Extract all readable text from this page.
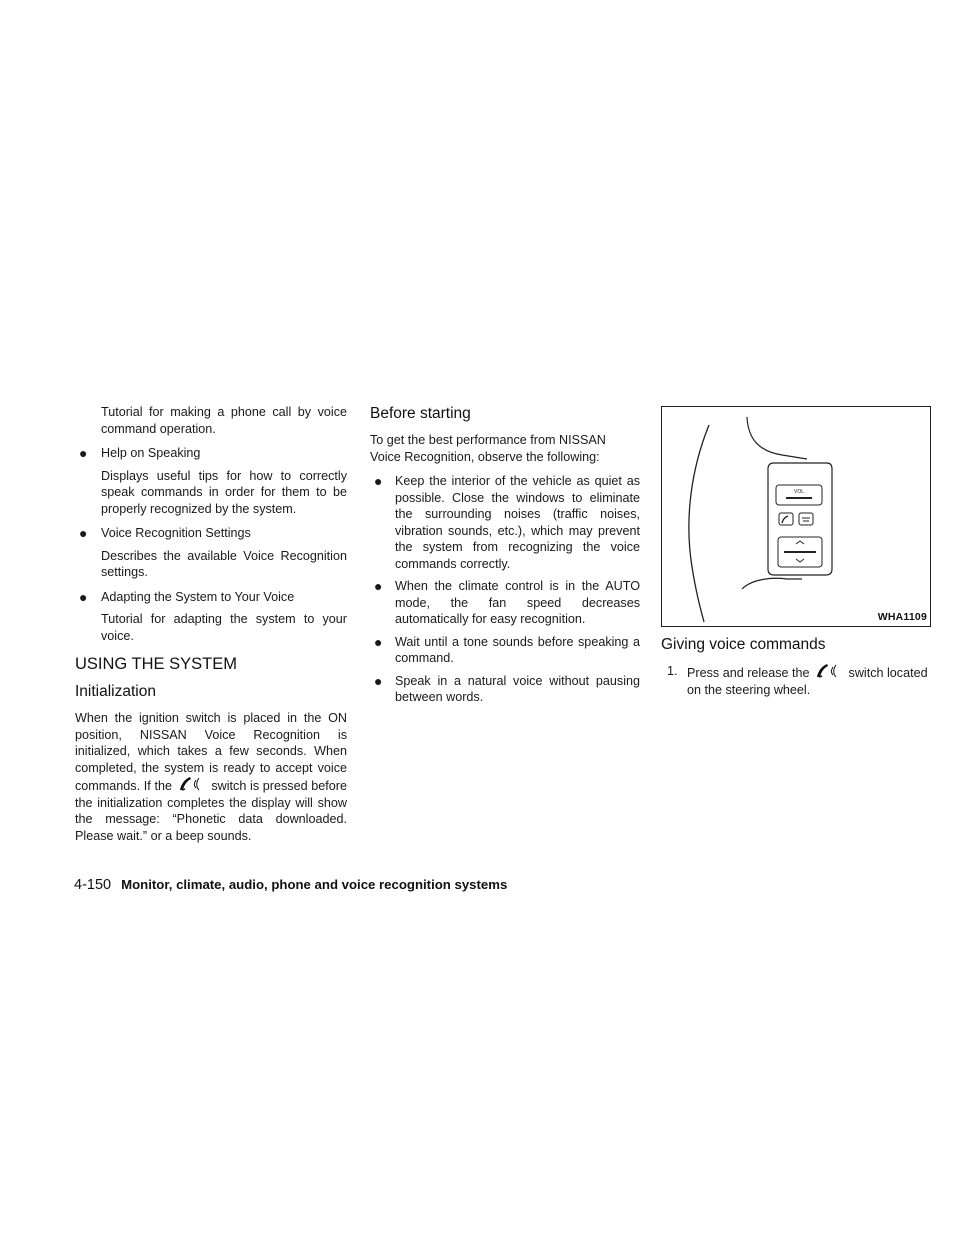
Tutorial for making a phone call by voice command operation.

● Help on Speaking

Displays useful tips for how to correctly speak commands in order for them to be properly recognized by the system.

● Voice Recognition Settings

Describes the available Voice Recognition settings.

● Adapting the System to Your Voice

Tutorial for adapting the system to your voice.

USING THE SYSTEM
Initialization

When the ignition switch is placed in the ON position, NISSAN Voice Recognition is initialized, which takes a few seconds. When completed, the system is ready to accept voice commands. If the	switch is pressed before the initialization completes the display will show the message: “Phonetic data downloaded. Please wait.” or a beep sounds.

Before starting

To get the best performance from NISSAN Voice Recognition, observe the following:

● Keep the interior of the vehicle as quiet as possible. Close the windows to eliminate the surrounding noises (traffic noises, vibration sounds, etc.), which may prevent the system from recognizing the voice commands correctly.
● When the climate control is in the AUTO mode, the fan speed decreases automatically for easy recognition.
● Wait until a tone sounds before speaking a command.
● Speak in a natural voice without pausing between words.
VOL
WHA1109
Giving voice commands
1. Press and release the	switch located on the steering wheel.
4-150 Monitor, climate, audio, phone and voice recognition systems
